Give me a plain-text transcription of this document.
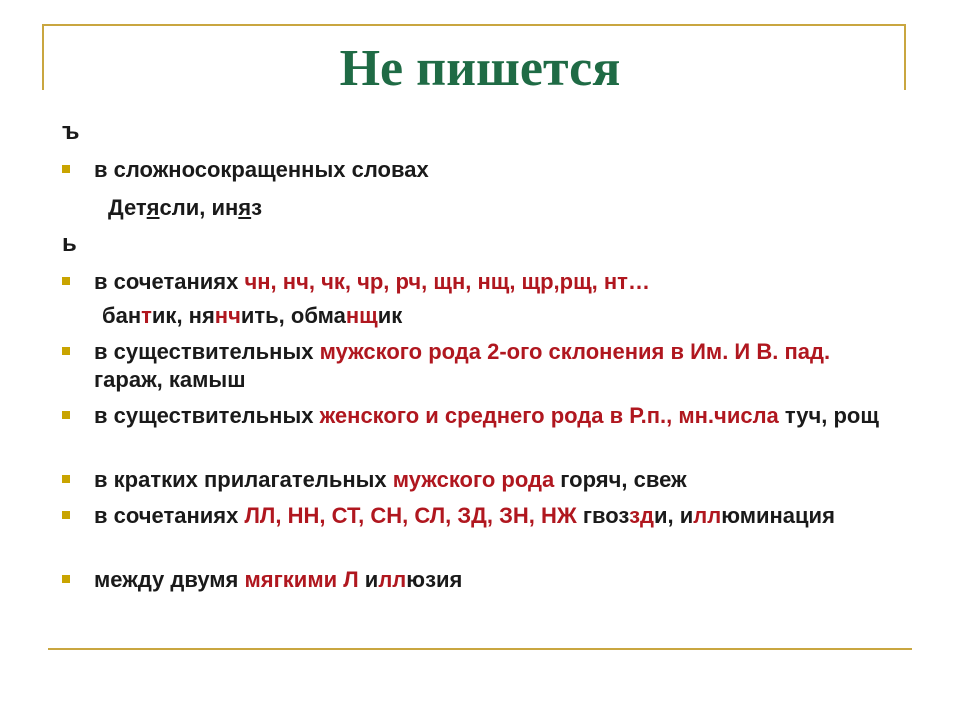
Не пишется
ъ
в сложносокращенных словах
Детясли, иняз
ь
в сочетаниях чн, нч, чк, чр, рч, щн, нщ, щр,рщ, нт…
бантик, нянчить, обманщик
в существительных мужского рода 2-ого склонения в Им. И В. пад. гараж, камыш
в существительных женского и среднего рода в Р.п., мн.числа туч, рощ
в кратких прилагательных мужского рода горяч, свеж
в сочетаниях ЛЛ, НН, СТ, СН, СЛ, ЗД, ЗН, НЖ гвоззди, иллюминация
между двумя мягкими Л иллюзия
